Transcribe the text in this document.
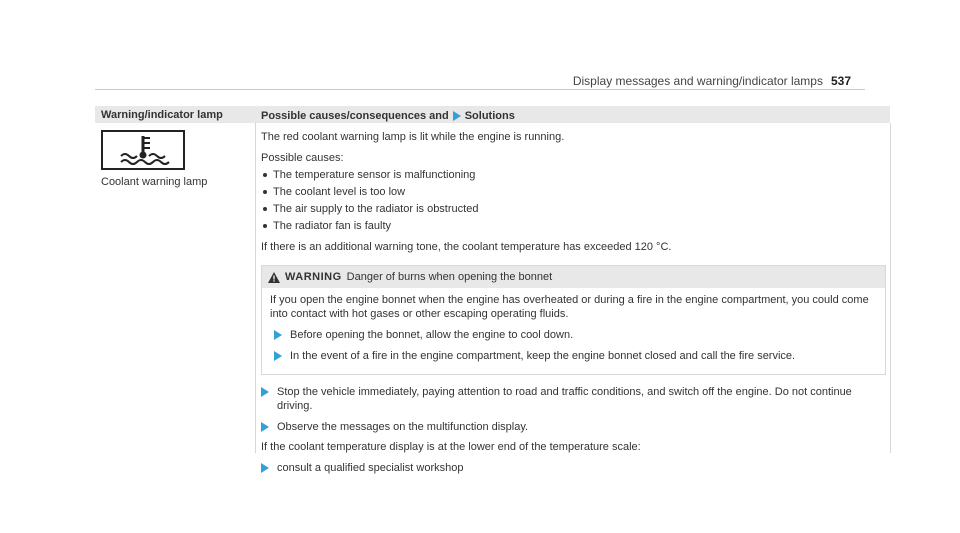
Display messages and warning/indicator lamps 537
Warning/indicator lamp	Possible causes/consequences and Solutions
Coolant warning lamp

The red coolant warning lamp is lit while the engine is running.

Possible causes:

The temperature sensor is malfunctioning
The coolant level is too low
The air supply to the radiator is obstructed
The radiator fan is faulty

If there is an additional warning tone, the coolant temperature has exceeded 120 °C.

WARNING Danger of burns when opening the bonnet

If you open the engine bonnet when the engine has overheated or during a fire in the engine compartment, you could come into contact with hot gases or other escaping operating fluids.

Before opening the bonnet, allow the engine to cool down.
In the event of a fire in the engine compartment, keep the engine bonnet closed and call the fire service.
Stop the vehicle immediately, paying attention to road and traffic conditions, and switch off the engine. Do not continue driving.
Observe the messages on the multifunction display.

If the coolant temperature display is at the lower end of the temperature scale:

consult a qualified specialist workshop
